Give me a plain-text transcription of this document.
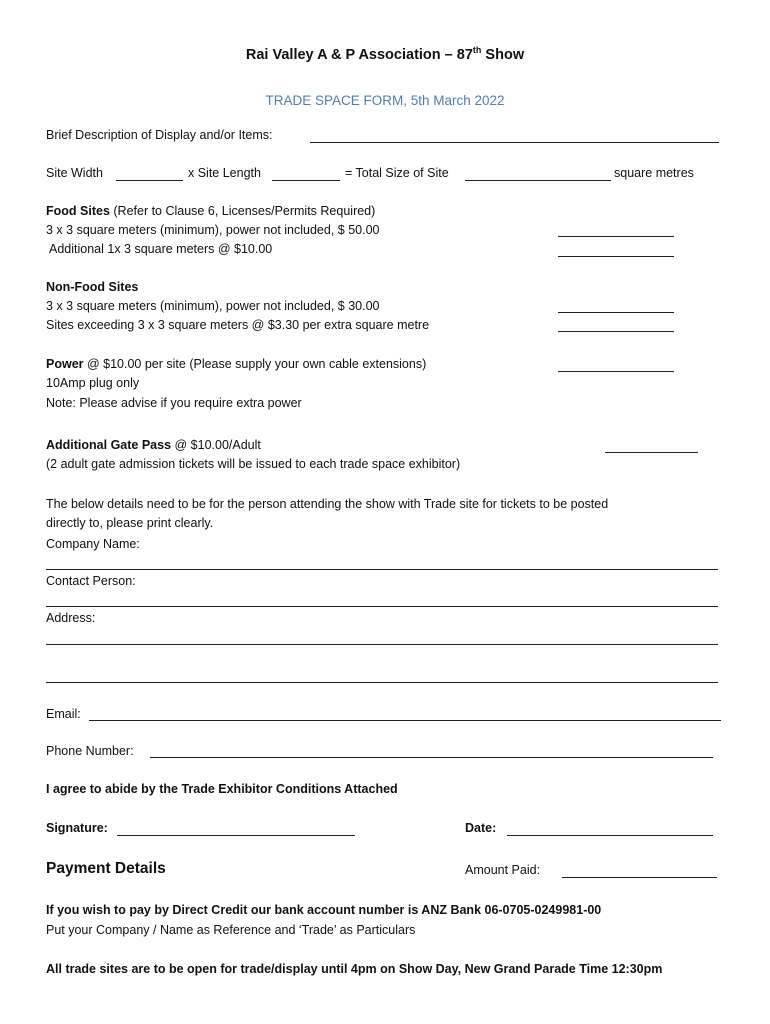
Rai Valley A & P Association – 87th Show
TRADE SPACE FORM, 5th March 2022
Brief Description of Display and/or Items:
Site Width	x Site Length	= Total Size of Site	square metres
Food Sites (Refer to Clause 6, Licenses/Permits Required)
3 x 3 square meters (minimum), power not included, $ 50.00
Additional 1x 3 square meters @ $10.00
Non-Food Sites
3 x 3 square meters (minimum), power not included, $ 30.00
Sites exceeding 3 x 3 square meters @ $3.30 per extra square metre
Power @ $10.00 per site (Please supply your own cable extensions)
10Amp plug only
Note: Please advise if you require extra power
Additional Gate Pass @ $10.00/Adult
(2 adult gate admission tickets will be issued to each trade space exhibitor)
The below details need to be for the person attending the show with Trade site for tickets to be posted
directly to, please print clearly.
Company Name:
Contact Person:
Address:
Email:
Phone Number:
I agree to abide by the Trade Exhibitor Conditions Attached
Signature:	Date:
Payment Details	Amount Paid:
If you wish to pay by Direct Credit our bank account number is ANZ Bank 06-0705-0249981-00
Put your Company / Name as Reference and ‘Trade’ as Particulars
All trade sites are to be open for trade/display until 4pm on Show Day, New Grand Parade Time 12:30pm
